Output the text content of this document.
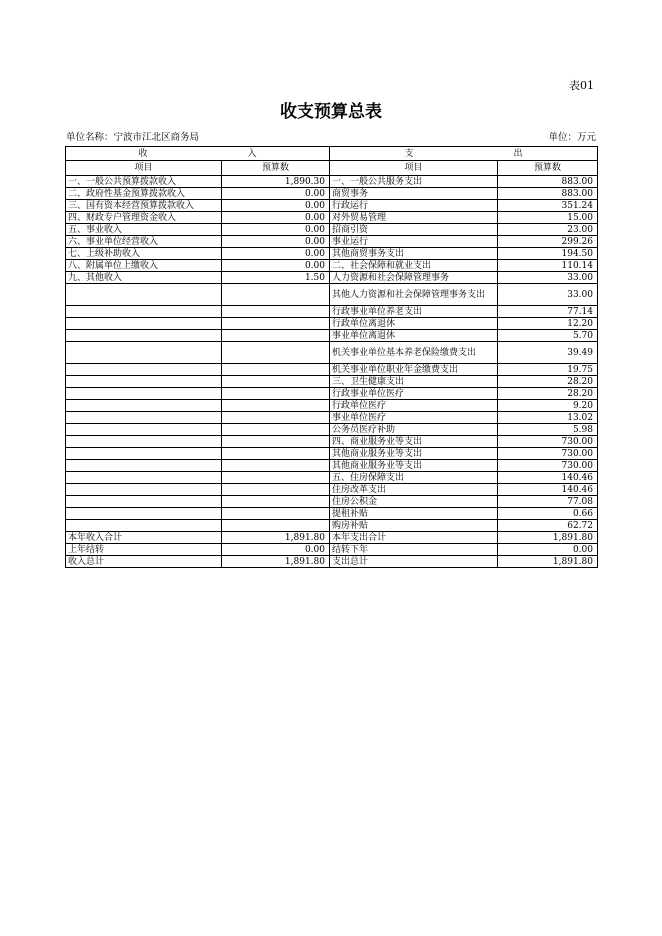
表01
收支预算总表
单位名称：宁波市江北区商务局	单位：万元
收 入		支 出	
项目	预算数	项目	预算数
一、一般公共预算拨款收入	1,890.30	一、一般公共服务支出	883.00
二、政府性基金预算拨款收入	0.00	商贸事务	883.00
三、国有资本经营预算拨款收入	0.00	行政运行	351.24
四、财政专户管理资金收入	0.00	对外贸易管理	15.00
五、事业收入	0.00	招商引资	23.00
六、事业单位经营收入	0.00	事业运行	299.26
七、上级补助收入	0.00	其他商贸事务支出	194.50
八、附属单位上缴收入	0.00	二、社会保障和就业支出	110.14
九、其他收入	1.50	人力资源和社会保障管理事务	33.00
		其他人力资源和社会保障管理事务支出	33.00
		行政事业单位养老支出	77.14
		行政单位离退休	12.20
		事业单位离退休	5.70
		机关事业单位基本养老保险缴费支出	39.49
		机关事业单位职业年金缴费支出	19.75
		三、卫生健康支出	28.20
		行政事业单位医疗	28.20
		行政单位医疗	9.20
		事业单位医疗	13.02
		公务员医疗补助	5.98
		四、商业服务业等支出	730.00
		其他商业服务业等支出	730.00
		其他商业服务业等支出	730.00
		五、住房保障支出	140.46
		住房改革支出	140.46
		住房公积金	77.08
		提租补贴	0.66
		购房补贴	62.72
本年收入合计	1,891.80	本年支出合计	1,891.80
上年结转	0.00	结转下年	0.00
收入总计	1,891.80	支出总计	1,891.80
